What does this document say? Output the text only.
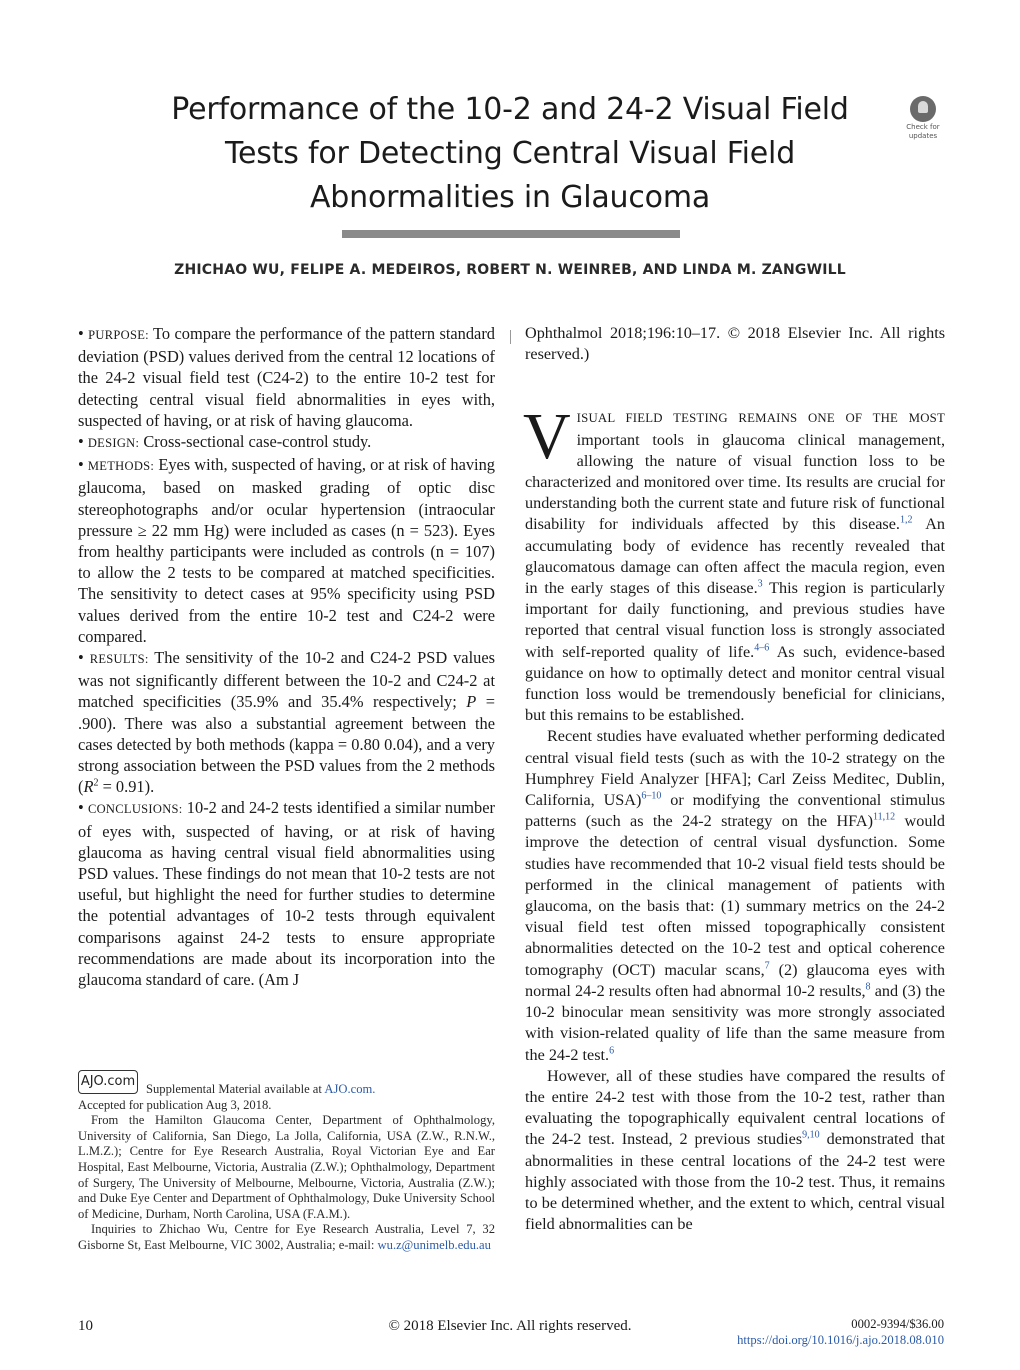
Performance of the 10-2 and 24-2 Visual Field
Tests for Detecting Central Visual Field
Abnormalities in Glaucoma
Check for
updates
ZHICHAO WU, FELIPE A. MEDEIROS, ROBERT N. WEINREB, AND LINDA M. ZANGWILL

• PURPOSE: To compare the performance of the pattern standard deviation (PSD) values derived from the central 12 locations of the 24-2 visual field test (C24-2) to the entire 10-2 test for detecting central visual field abnormalities in eyes with, suspected of having, or at risk of having glaucoma.

• DESIGN: Cross-sectional case-control study.

• METHODS: Eyes with, suspected of having, or at risk of having glaucoma, based on masked grading of optic disc stereophotographs and/or ocular hypertension (intraocular pressure ≥ 22 mm Hg) were included as cases (n = 523). Eyes from healthy participants were included as controls (n = 107) to allow the 2 tests to be compared at matched specificities. The sensitivity to detect cases at 95% specificity using PSD values derived from the entire 10-2 test and C24-2 were compared.

• RESULTS: The sensitivity of the 10-2 and C24-2 PSD values was not significantly different between the 10-2 and C24-2 at matched specificities (35.9% and 35.4% respectively; P = .900). There was also a substantial agreement between the cases detected by both methods (kappa = 0.80 0.04), and a very strong association between the PSD values from the 2 methods $(R^2 = 0.91)$.

• CONCLUSIONS: 10-2 and 24-2 tests identified a similar number of eyes with, suspected of having, or at risk of having glaucoma as having central visual field abnormalities using PSD values. These findings do not mean that 10-2 tests are not useful, but highlight the need for further studies to determine the potential advantages of 10-2 tests through equivalent comparisons against 24-2 tests to ensure appropriate recommendations are made about its incorporation into the glaucoma standard of care. (Am J

Ophthalmol 2018;196:10–17. © 2018 Elsevier Inc. All rights reserved.)

VISUAL FIELD TESTING REMAINS ONE OF THE MOST important tools in glaucoma clinical management, allowing the nature of visual function loss to be characterized and monitored over time. Its results are crucial for understanding both the current state and future risk of functional disability for individuals affected by this disease.$^{1,2}$ An accumulating body of evidence has recently revealed that glaucomatous damage can often affect the macula region, even in the early stages of this disease.$^3$ This region is particularly important for daily functioning, and previous studies have reported that central visual function loss is strongly associated with self-reported quality of life.$^{4-6}$ As such, evidence-based guidance on how to optimally detect and monitor central visual function loss would be tremendously beneficial for clinicians, but this remains to be established.

Recent studies have evaluated whether performing dedicated central visual field tests (such as with the 10-2 strategy on the Humphrey Field Analyzer [HFA]; Carl Zeiss Meditec, Dublin, California, USA)$^{6-10}$ or modifying the conventional stimulus patterns (such as the 24-2 strategy on the HFA)$^{11,12}$ would improve the detection of central visual dysfunction. Some studies have recommended that 10-2 visual field tests should be performed in the clinical management of patients with glaucoma, on the basis that: (1) summary metrics on the 24-2 visual field test often missed topographically consistent abnormalities detected on the 10-2 test and optical coherence tomography (OCT) macular scans,$^7$ (2) glaucoma eyes with normal 24-2 results often had abnormal 10-2 results,$^8$ and (3) the 10-2 binocular mean sensitivity was more strongly associated with vision-related quality of life than the same measure from the 24-2 test.$^6$

However, all of these studies have compared the results of the entire 24-2 test with those from the 10-2 test, rather than evaluating the topographically equivalent central locations of the 24-2 test. Instead, 2 previous studies$^{9,10}$ demonstrated that abnormalities in these central locations of the 24-2 test were highly associated with those from the 10-2 test. Thus, it remains to be determined whether, and the extent to which, central visual field abnormalities can be

AJO.com Supplemental Material available at AJO.com.

Accepted for publication Aug 3, 2018.

From the Hamilton Glaucoma Center, Department of Ophthalmology, University of California, San Diego, La Jolla, California, USA (Z.W., R.N.W., L.M.Z.); Centre for Eye Research Australia, Royal Victorian Eye and Ear Hospital, East Melbourne, Victoria, Australia (Z.W.); Ophthalmology, Department of Surgery, The University of Melbourne, Melbourne, Victoria, Australia (Z.W.); and Duke Eye Center and Department of Ophthalmology, Duke University School of Medicine, Durham, North Carolina, USA (F.A.M.).

Inquiries to Zhichao Wu, Centre for Eye Research Australia, Level 7, 32 Gisborne St, East Melbourne, VIC 3002, Australia; e-mail: wu.z@unimelb.edu.au

10	© 2018 Elsevier Inc. All rights reserved.	0002-9394/$36.00
https://doi.org/10.1016/j.ajo.2018.08.010
